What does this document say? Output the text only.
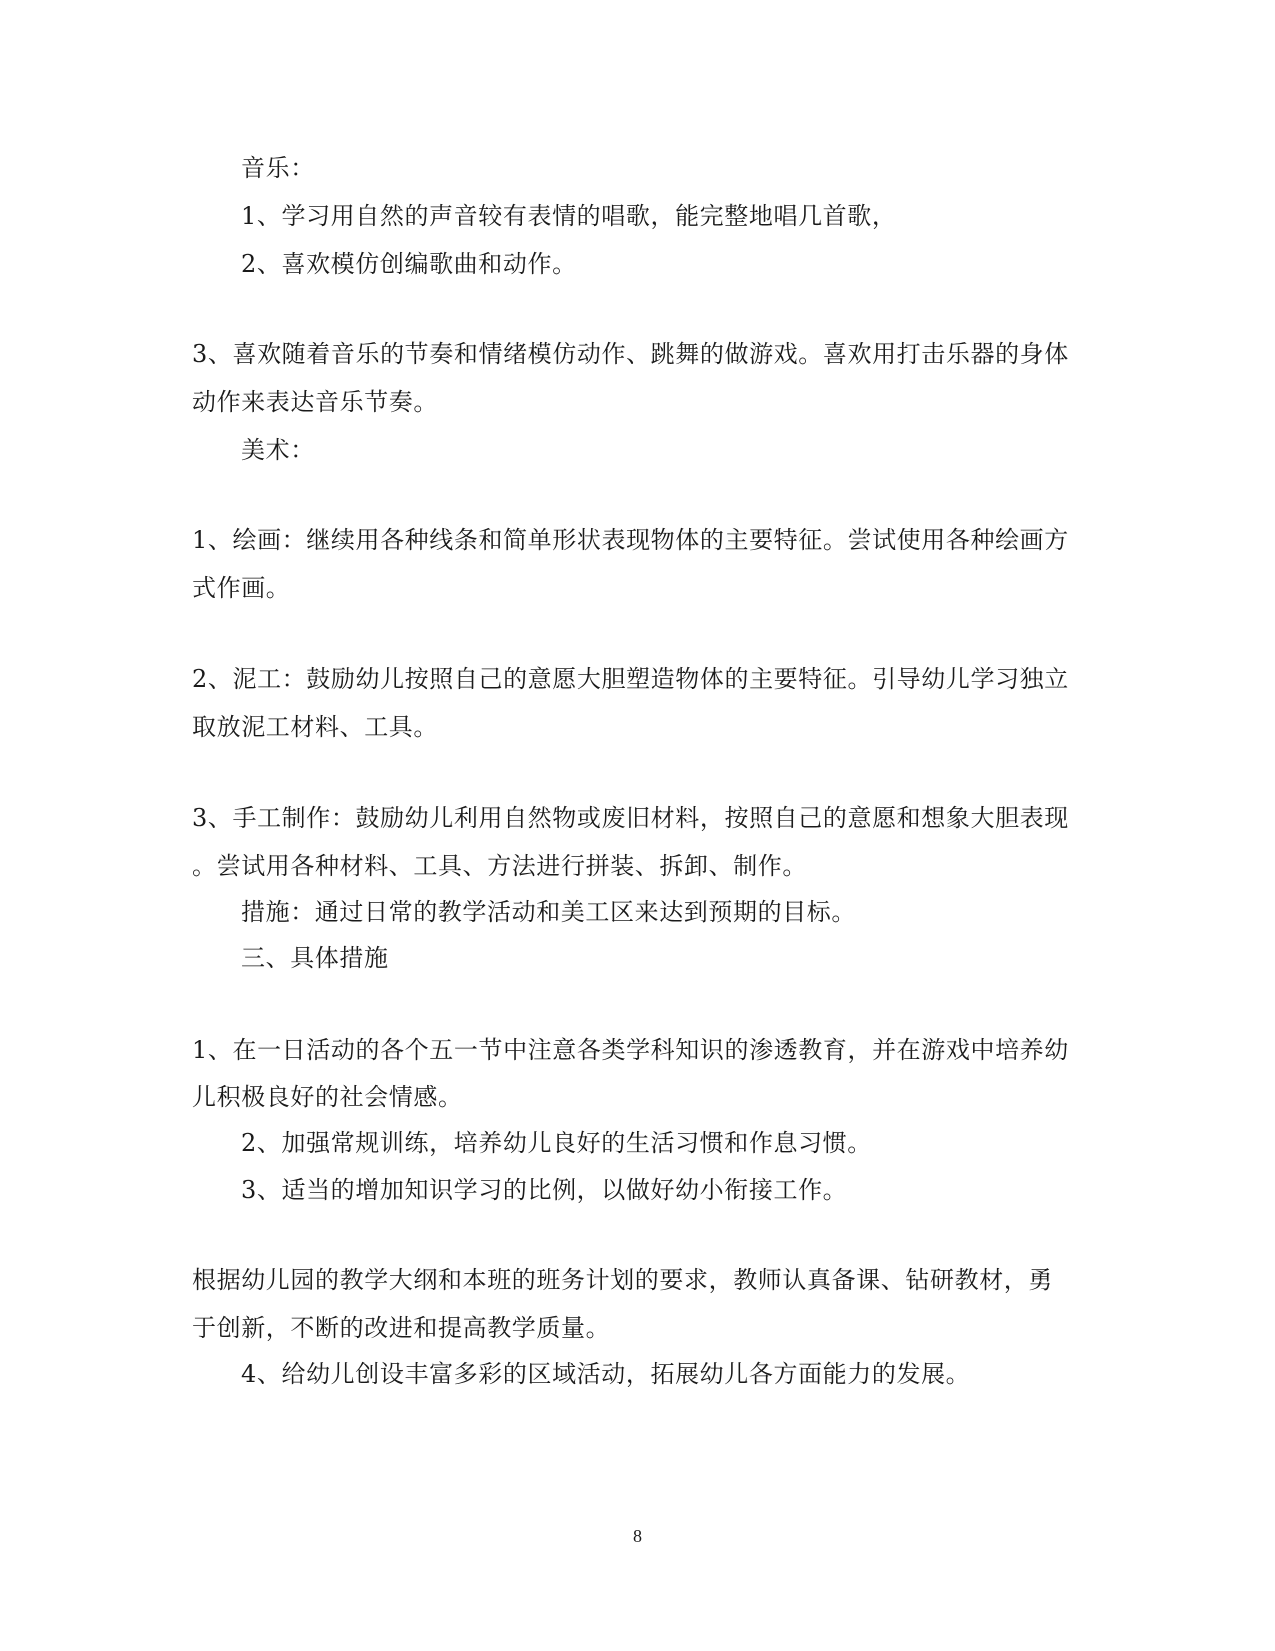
音乐：
1、学习用自然的声音较有表情的唱歌，能完整地唱几首歌，
2、喜欢模仿创编歌曲和动作。
3、喜欢随着音乐的节奏和情绪模仿动作、跳舞的做游戏。喜欢用打击乐器的身体
动作来表达音乐节奏。
美术：
1、绘画：继续用各种线条和简单形状表现物体的主要特征。尝试使用各种绘画方
式作画。
2、泥工：鼓励幼儿按照自己的意愿大胆塑造物体的主要特征。引导幼儿学习独立
取放泥工材料、工具。
3、手工制作：鼓励幼儿利用自然物或废旧材料，按照自己的意愿和想象大胆表现
。尝试用各种材料、工具、方法进行拼装、拆卸、制作。
措施：通过日常的教学活动和美工区来达到预期的目标。
三、具体措施
1、在一日活动的各个五一节中注意各类学科知识的渗透教育，并在游戏中培养幼
儿积极良好的社会情感。
2、加强常规训练，培养幼儿良好的生活习惯和作息习惯。
3、适当的增加知识学习的比例，以做好幼小衔接工作。
根据幼儿园的教学大纲和本班的班务计划的要求，教师认真备课、钻研教材，勇
于创新，不断的改进和提高教学质量。
4、给幼儿创设丰富多彩的区域活动，拓展幼儿各方面能力的发展。
8
